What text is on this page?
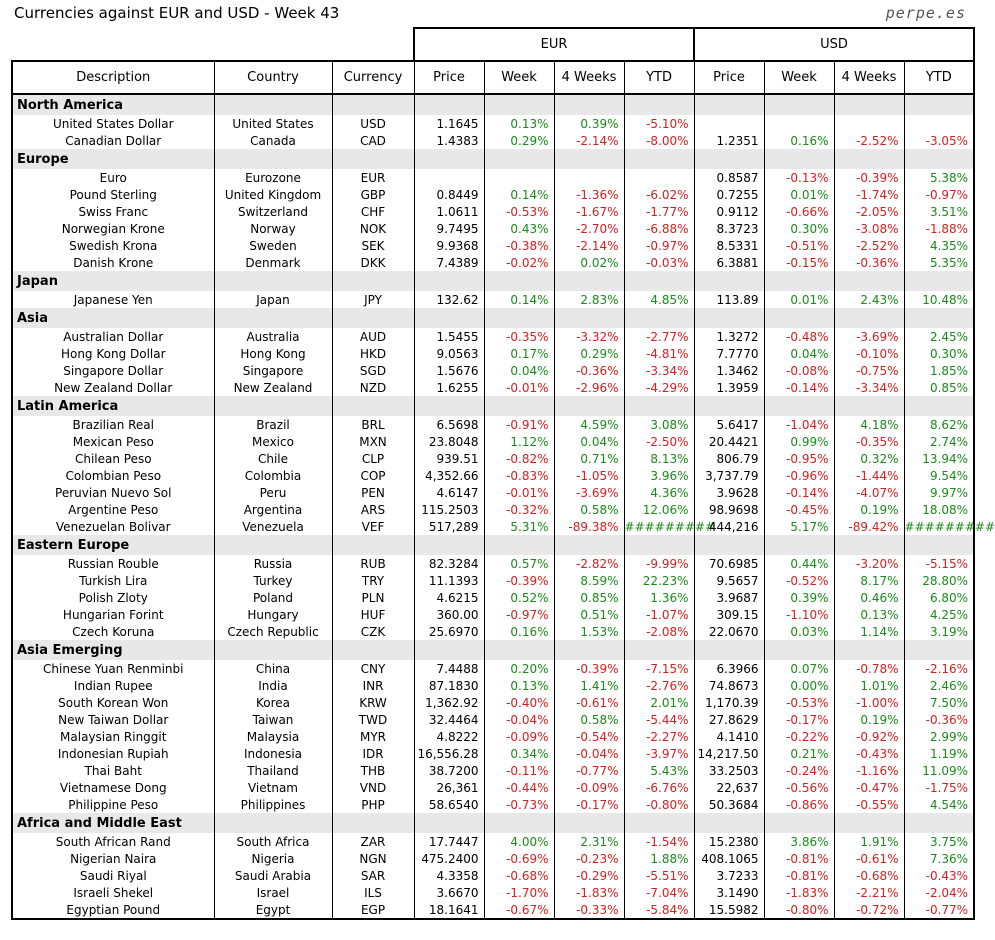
Currencies against EUR and USD - Week 43	perpe.es
			EUR				USD			
Description	Country	Currency	Price	Week	4 Weeks	YTD	Price	Week	4 Weeks	YTD
North America										
United States Dollar	United States	USD	1.1645	0.13%	0.39%	-5.10%				
Canadian Dollar	Canada	CAD	1.4383	0.29%	-2.14%	-8.00%	1.2351	0.16%	-2.52%	-3.05%
Europe										
Euro	Eurozone	EUR					0.8587	-0.13%	-0.39%	5.38%
Pound Sterling	United Kingdom	GBP	0.8449	0.14%	-1.36%	-6.02%	0.7255	0.01%	-1.74%	-0.97%
Swiss Franc	Switzerland	CHF	1.0611	-0.53%	-1.67%	-1.77%	0.9112	-0.66%	-2.05%	3.51%
Norwegian Krone	Norway	NOK	9.7495	0.43%	-2.70%	-6.88%	8.3723	0.30%	-3.08%	-1.88%
Swedish Krona	Sweden	SEK	9.9368	-0.38%	-2.14%	-0.97%	8.5331	-0.51%	-2.52%	4.35%
Danish Krone	Denmark	DKK	7.4389	-0.02%	0.02%	-0.03%	6.3881	-0.15%	-0.36%	5.35%
Japan										
Japanese Yen	Japan	JPY	132.62	0.14%	2.83%	4.85%	113.89	0.01%	2.43%	10.48%
Asia										
Australian Dollar	Australia	AUD	1.5455	-0.35%	-3.32%	-2.77%	1.3272	-0.48%	-3.69%	2.45%
Hong Kong Dollar	Hong Kong	HKD	9.0563	0.17%	0.29%	-4.81%	7.7770	0.04%	-0.10%	0.30%
Singapore Dollar	Singapore	SGD	1.5676	0.04%	-0.36%	-3.34%	1.3462	-0.08%	-0.75%	1.85%
New Zealand Dollar	New Zealand	NZD	1.6255	-0.01%	-2.96%	-4.29%	1.3959	-0.14%	-3.34%	0.85%
Latin America										
Brazilian Real	Brazil	BRL	6.5698	-0.91%	4.59%	3.08%	5.6417	-1.04%	4.18%	8.62%
Mexican Peso	Mexico	MXN	23.8048	1.12%	0.04%	-2.50%	20.4421	0.99%	-0.35%	2.74%
Chilean Peso	Chile	CLP	939.51	-0.82%	0.71%	8.13%	806.79	-0.95%	0.32%	13.94%
Colombian Peso	Colombia	COP	4,352.66	-0.83%	-1.05%	3.96%	3,737.79	-0.96%	-1.44%	9.54%
Peruvian Nuevo Sol	Peru	PEN	4.6147	-0.01%	-3.69%	4.36%	3.9628	-0.14%	-4.07%	9.97%
Argentine Peso	Argentina	ARS	115.2503	-0.32%	0.58%	12.06%	98.9698	-0.45%	0.19%	18.08%
Venezuelan Bolivar	Venezuela	VEF	517,289	5.31%	-89.38%	#########	444,216	5.17%	-89.42%	#########
Eastern Europe										
Russian Rouble	Russia	RUB	82.3284	0.57%	-2.82%	-9.99%	70.6985	0.44%	-3.20%	-5.15%
Turkish Lira	Turkey	TRY	11.1393	-0.39%	8.59%	22.23%	9.5657	-0.52%	8.17%	28.80%
Polish Zloty	Poland	PLN	4.6215	0.52%	0.85%	1.36%	3.9687	0.39%	0.46%	6.80%
Hungarian Forint	Hungary	HUF	360.00	-0.97%	0.51%	-1.07%	309.15	-1.10%	0.13%	4.25%
Czech Koruna	Czech Republic	CZK	25.6970	0.16%	1.53%	-2.08%	22.0670	0.03%	1.14%	3.19%
Asia Emerging										
Chinese Yuan Renminbi	China	CNY	7.4488	0.20%	-0.39%	-7.15%	6.3966	0.07%	-0.78%	-2.16%
Indian Rupee	India	INR	87.1830	0.13%	1.41%	-2.76%	74.8673	0.00%	1.01%	2.46%
South Korean Won	Korea	KRW	1,362.92	-0.40%	-0.61%	2.01%	1,170.39	-0.53%	-1.00%	7.50%
New Taiwan Dollar	Taiwan	TWD	32.4464	-0.04%	0.58%	-5.44%	27.8629	-0.17%	0.19%	-0.36%
Malaysian Ringgit	Malaysia	MYR	4.8222	-0.09%	-0.54%	-2.27%	4.1410	-0.22%	-0.92%	2.99%
Indonesian Rupiah	Indonesia	IDR	16,556.28	0.34%	-0.04%	-3.97%	14,217.50	0.21%	-0.43%	1.19%
Thai Baht	Thailand	THB	38.7200	-0.11%	-0.77%	5.43%	33.2503	-0.24%	-1.16%	11.09%
Vietnamese Dong	Vietnam	VND	26,361	-0.44%	-0.09%	-6.76%	22,637	-0.56%	-0.47%	-1.75%
Philippine Peso	Philippines	PHP	58.6540	-0.73%	-0.17%	-0.80%	50.3684	-0.86%	-0.55%	4.54%
Africa and Middle East										
South African Rand	South Africa	ZAR	17.7447	4.00%	2.31%	-1.54%	15.2380	3.86%	1.91%	3.75%
Nigerian Naira	Nigeria	NGN	475.2400	-0.69%	-0.23%	1.88%	408.1065	-0.81%	-0.61%	7.36%
Saudi Riyal	Saudi Arabia	SAR	4.3358	-0.68%	-0.29%	-5.51%	3.7233	-0.81%	-0.68%	-0.43%
Israeli Shekel	Israel	ILS	3.6670	-1.70%	-1.83%	-7.04%	3.1490	-1.83%	-2.21%	-2.04%
Egyptian Pound	Egypt	EGP	18.1641	-0.67%	-0.33%	-5.84%	15.5982	-0.80%	-0.72%	-0.77%
